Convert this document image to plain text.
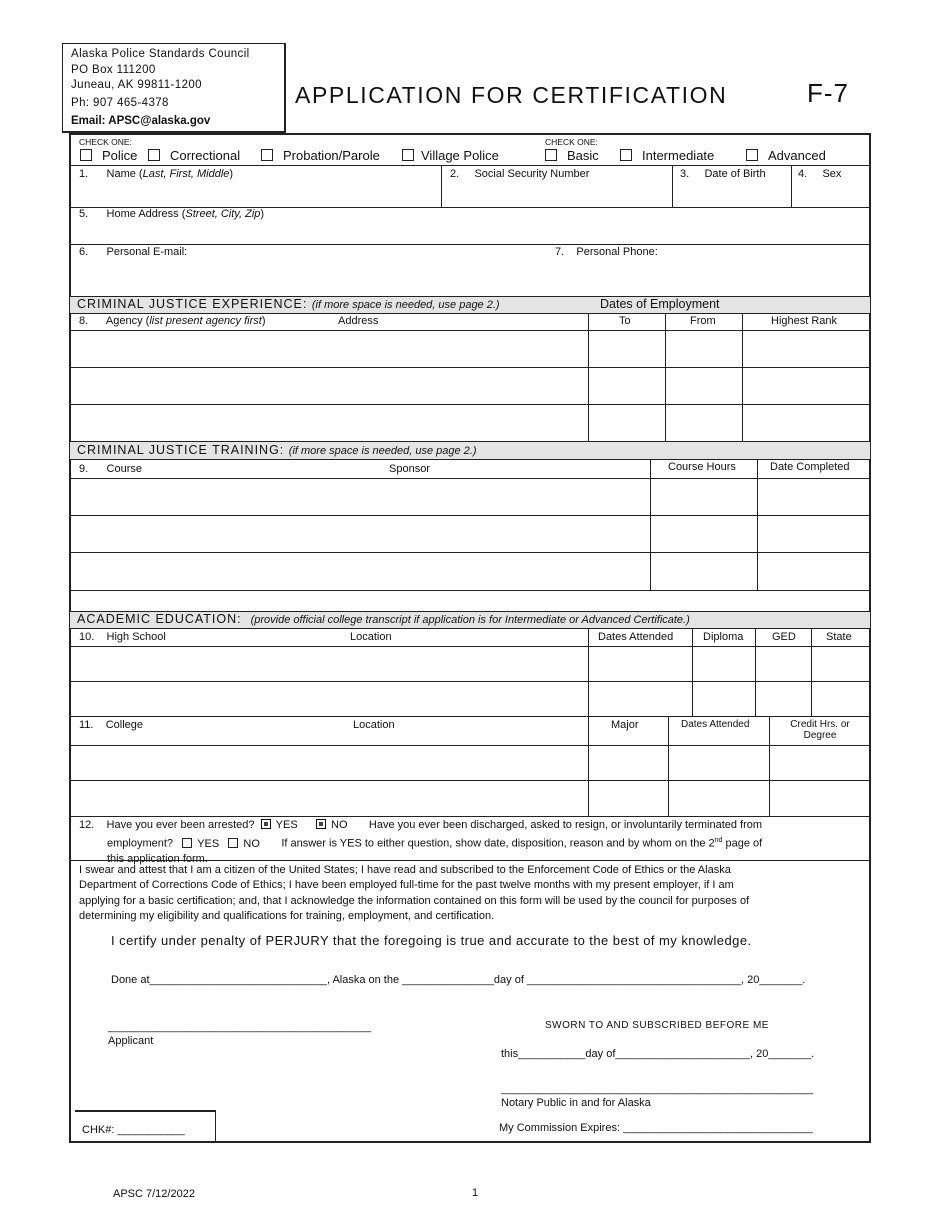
Alaska Police Standards Council
PO Box 111200
Juneau, AK 99811-1200
Ph: 907 465-4378
Email: APSC@alaska.gov
APPLICATION FOR CERTIFICATION	F-7
CHECK ONE:	CHECK ONE:
Police	Correctional	Probation/Parole	Village Police	Basic	Intermediate	Advanced
1. Name (Last, First, Middle)	2. Social Security Number	3. Date of Birth	4. Sex
5. Home Address (Street, City, Zip)
6. Personal E-mail:	7. Personal Phone:
CRIMINAL JUSTICE EXPERIENCE: (if more space is needed, use page 2.)	Dates of Employment
8. Agency (list present agency first)	Address	To	From	Highest Rank
CRIMINAL JUSTICE TRAINING: (if more space is needed, use page 2.)
9. Course	Sponsor	Course Hours	Date Completed
ACADEMIC EDUCATION: (provide official college transcript if application is for Intermediate or Advanced Certificate.)
10. High School	Location	Dates Attended	Diploma	GED	State
11. College	Location	Major	Dates Attended	Credit Hrs. or
Degree
12. Have you ever been arrested? YES	NO Have you ever been discharged, asked to resign, or involuntarily terminated from
employment? YES NO If answer is YES to either question, show date, disposition, reason and by whom on the 2nd page of
this application form.
I swear and attest that I am a citizen of the United States; I have read and subscribed to the Enforcement Code of Ethics or the Alaska
Department of Corrections Code of Ethics; I have been employed full-time for the past twelve months with my present employer, if I am
applying for a basic certification; and, that I acknowledge the information contained on this form will be used by the council for purposes of
determining my eligibility and qualifications for training, employment, and certification.
I certify under penalty of PERJURY that the foregoing is true and accurate to the best of my knowledge.
Done at_____________________________, Alaska on the _______________day of ___________________________________, 20_______.
___________________________________________
Applicant
SWORN TO AND SUBSCRIBED BEFORE ME
this___________day of______________________, 20_______.
___________________________________________________
Notary Public in and for Alaska
My Commission Expires: _______________________________
CHK#: ___________
APSC 7/12/2022	1
